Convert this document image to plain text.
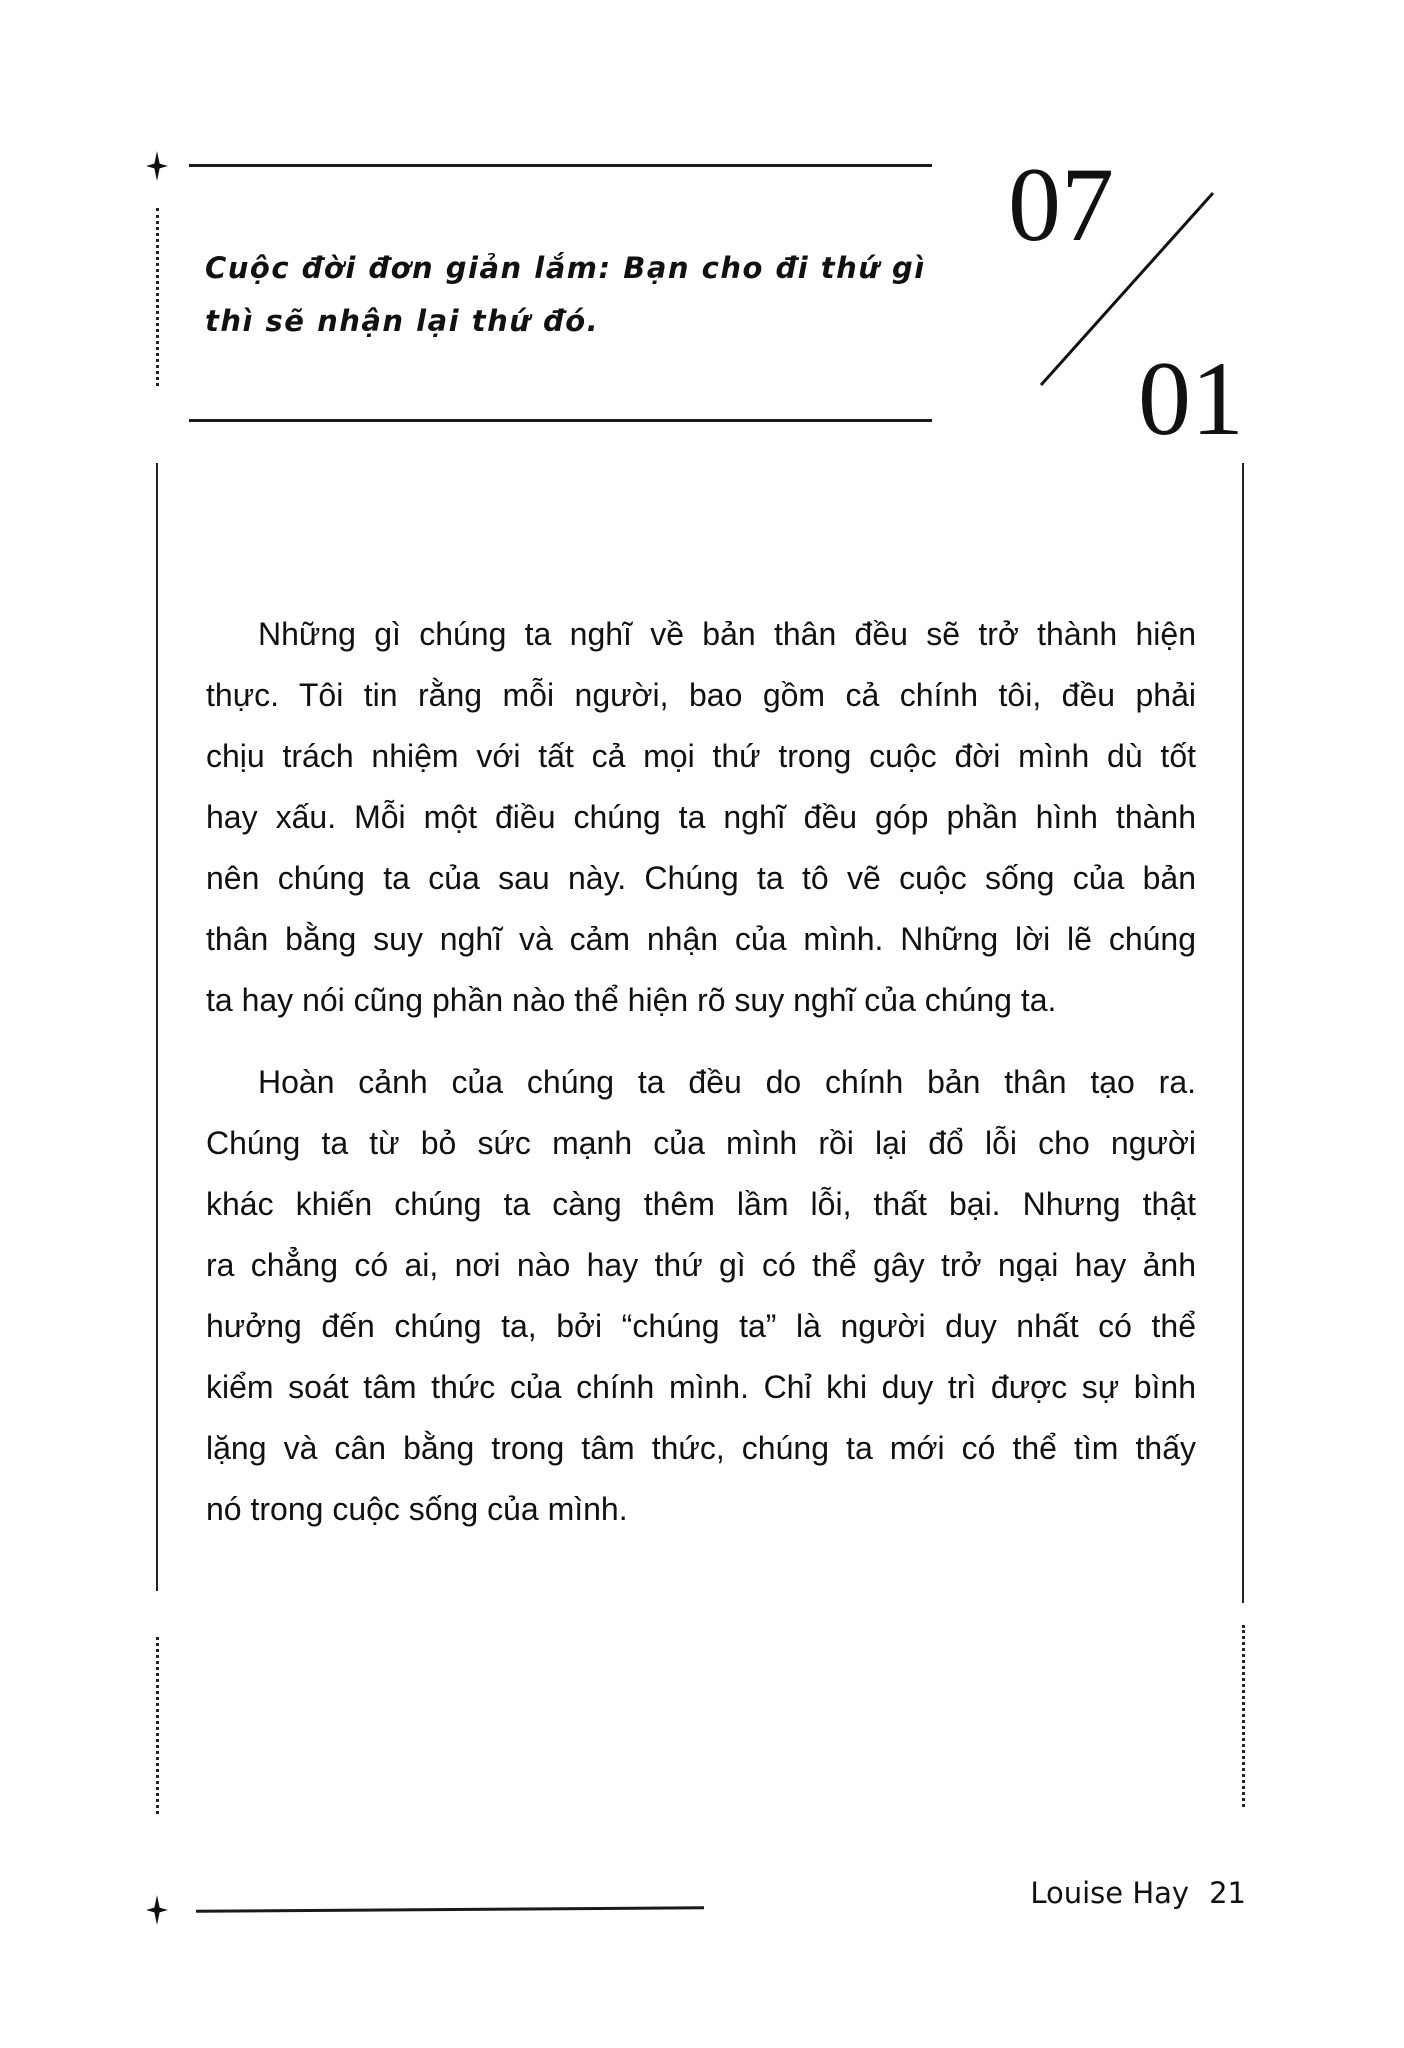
Cuộc đời đơn giản lắm: Bạn cho đi thứ gì
thì sẽ nhận lại thứ đó.
07
01
Những gì chúng ta nghĩ về bản thân đều sẽ trở thành hiện
thực. Tôi tin rằng mỗi người, bao gồm cả chính tôi, đều phải
chịu trách nhiệm với tất cả mọi thứ trong cuộc đời mình dù tốt
hay xấu. Mỗi một điều chúng ta nghĩ đều góp phần hình thành
nên chúng ta của sau này. Chúng ta tô vẽ cuộc sống của bản
thân bằng suy nghĩ và cảm nhận của mình. Những lời lẽ chúng
ta hay nói cũng phần nào thể hiện rõ suy nghĩ của chúng ta.
Hoàn cảnh của chúng ta đều do chính bản thân tạo ra.
Chúng ta từ bỏ sức mạnh của mình rồi lại đổ lỗi cho người
khác khiến chúng ta càng thêm lầm lỗi, thất bại. Nhưng thật
ra chẳng có ai, nơi nào hay thứ gì có thể gây trở ngại hay ảnh
hưởng đến chúng ta, bởi “chúng ta” là người duy nhất có thể
kiểm soát tâm thức của chính mình. Chỉ khi duy trì được sự bình
lặng và cân bằng trong tâm thức, chúng ta mới có thể tìm thấy
nó trong cuộc sống của mình.
Louise Hay 21
